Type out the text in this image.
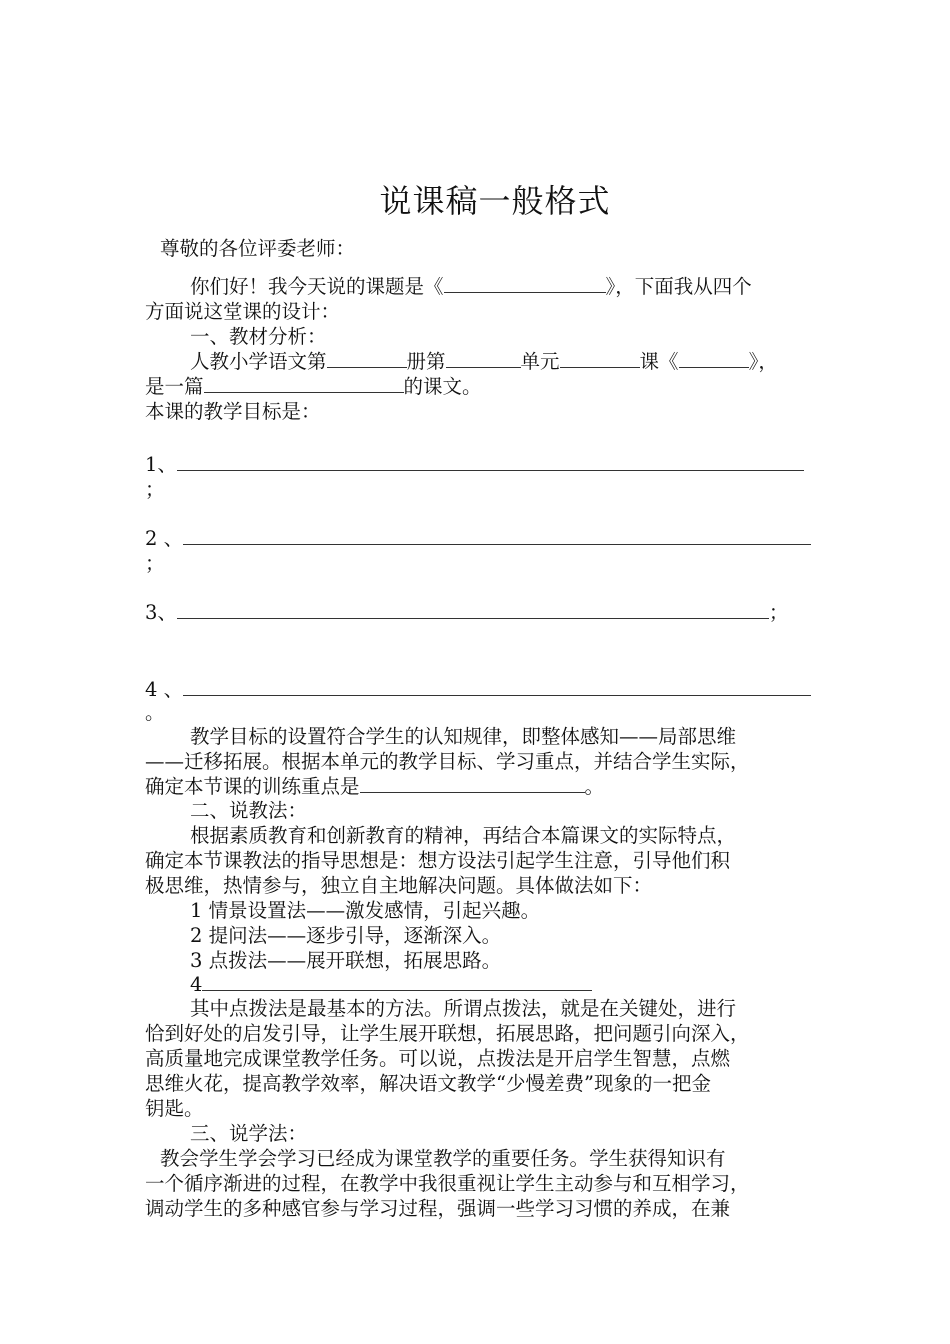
说课稿一般格式
尊敬的各位评委老师：
你们好！我今天说的课题是《	》，下面我从四个
方面说这堂课的设计：
一、教材分析：
人教小学语文第	册第	单元	课《	》，
是一篇	的课文。
本课的教学目标是：
1、
；
2 、
；
3、	；
4 、
。
教学目标的设置符合学生的认知规律，即整体感知——局部思维
——迁移拓展。根据本单元的教学目标、学习重点，并结合学生实际，
确定本节课的训练重点是	。
二、说教法：
根据素质教育和创新教育的精神，再结合本篇课文的实际特点，
确定本节课教法的指导思想是：想方设法引起学生注意，引导他们积
极思维，热情参与，独立自主地解决问题。具体做法如下：
1 情景设置法——激发感情，引起兴趣。
2 提问法——逐步引导，逐渐深入。
3 点拨法——展开联想，拓展思路。
4
其中点拨法是最基本的方法。所谓点拨法，就是在关键处，进行
恰到好处的启发引导，让学生展开联想，拓展思路，把问题引向深入，
高质量地完成课堂教学任务。可以说，点拨法是开启学生智慧，点燃
思维火花，提高教学效率，解决语文教学“少慢差费”现象的一把金
钥匙。
三、说学法：
教会学生学会学习已经成为课堂教学的重要任务。学生获得知识有
一个循序渐进的过程，在教学中我很重视让学生主动参与和互相学习，
调动学生的多种感官参与学习过程，强调一些学习习惯的养成，在兼
